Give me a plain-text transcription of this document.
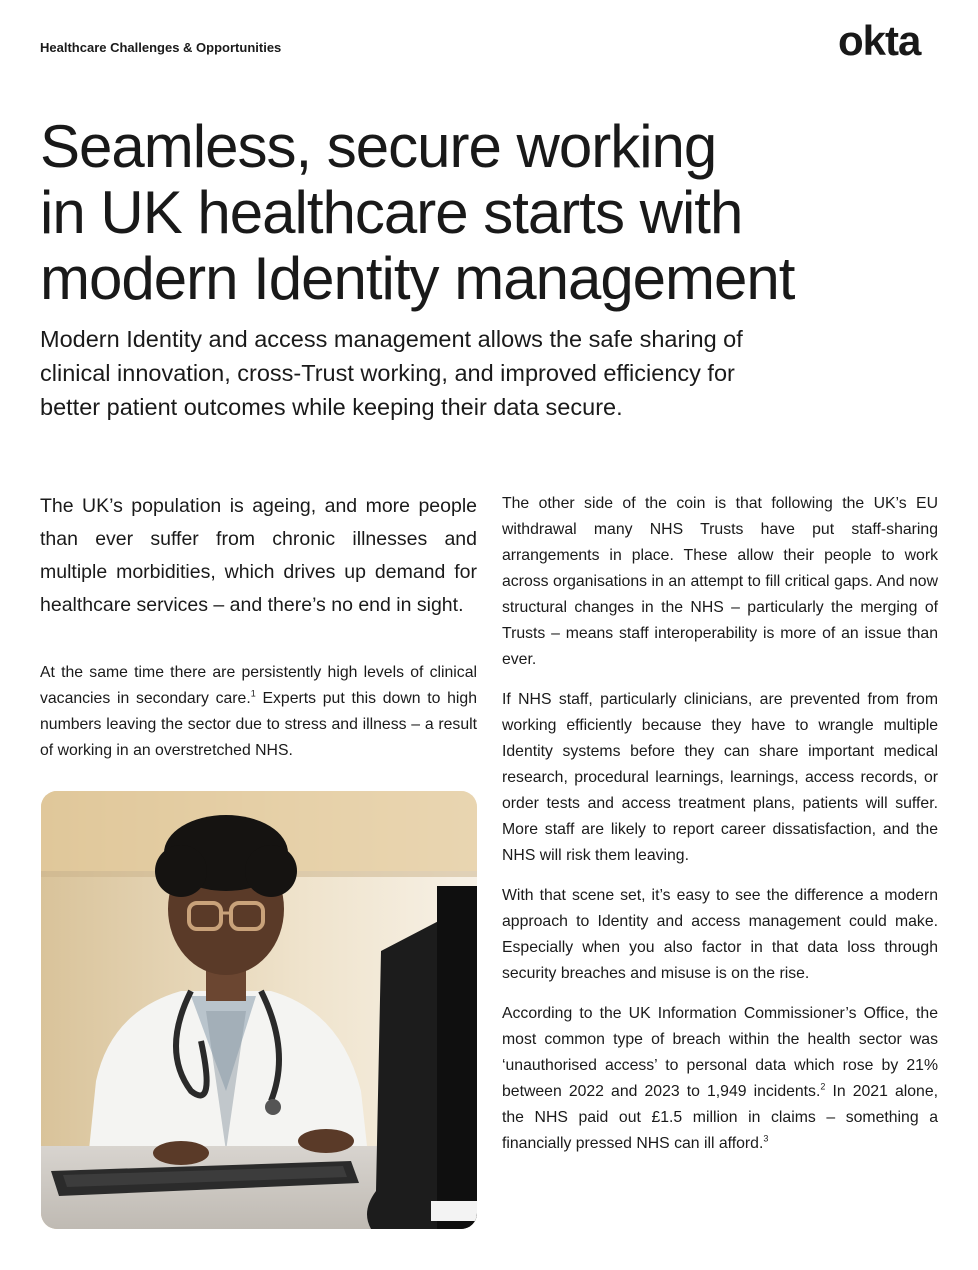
Healthcare Challenges & Opportunities	okta
Seamless, secure working
in UK healthcare starts with
modern Identity management

Modern Identity and access management allows the safe sharing of
clinical innovation, cross-Trust working, and improved efficiency for
better patient outcomes while keeping their data secure.

The UK’s population is ageing, and more people than ever suffer from chronic illnesses and multiple morbidities, which drives up demand for healthcare services – and there’s no end in sight.

At the same time there are persistently high levels of clinical vacancies in secondary care.$^1$ Experts put this down to high numbers leaving the sector due to stress and illness – a result of working in an overstretched NHS.

The other side of the coin is that following the UK’s EU withdrawal many NHS Trusts have put staff-sharing arrangements in place. These allow their people to work across organisations in an attempt to fill critical gaps. And now structural changes in the NHS – particularly the merging of Trusts – means staff interoperability is more of an issue than ever.

If NHS staff, particularly clinicians, are prevented from from working efficiently because they have to wrangle multiple Identity systems before they can share important medical research, procedural learnings, learnings, access records, or order tests and access treatment plans, patients will suffer. More staff are likely to report career dissatisfaction, and the NHS will risk them leaving.

With that scene set, it’s easy to see the difference a modern approach to Identity and access management could make. Especially when you also factor in that data loss through security breaches and misuse is on the rise.

According to the UK Information Commissioner’s Office, the most common type of breach within the health sector was ‘unauthorised access’ to personal data which rose by 21% between 2022 and 2023 to 1,949 incidents.$^2$ In 2021 alone, the NHS paid out £1.5 million in claims – something a financially pressed NHS can ill afford.$^3$
